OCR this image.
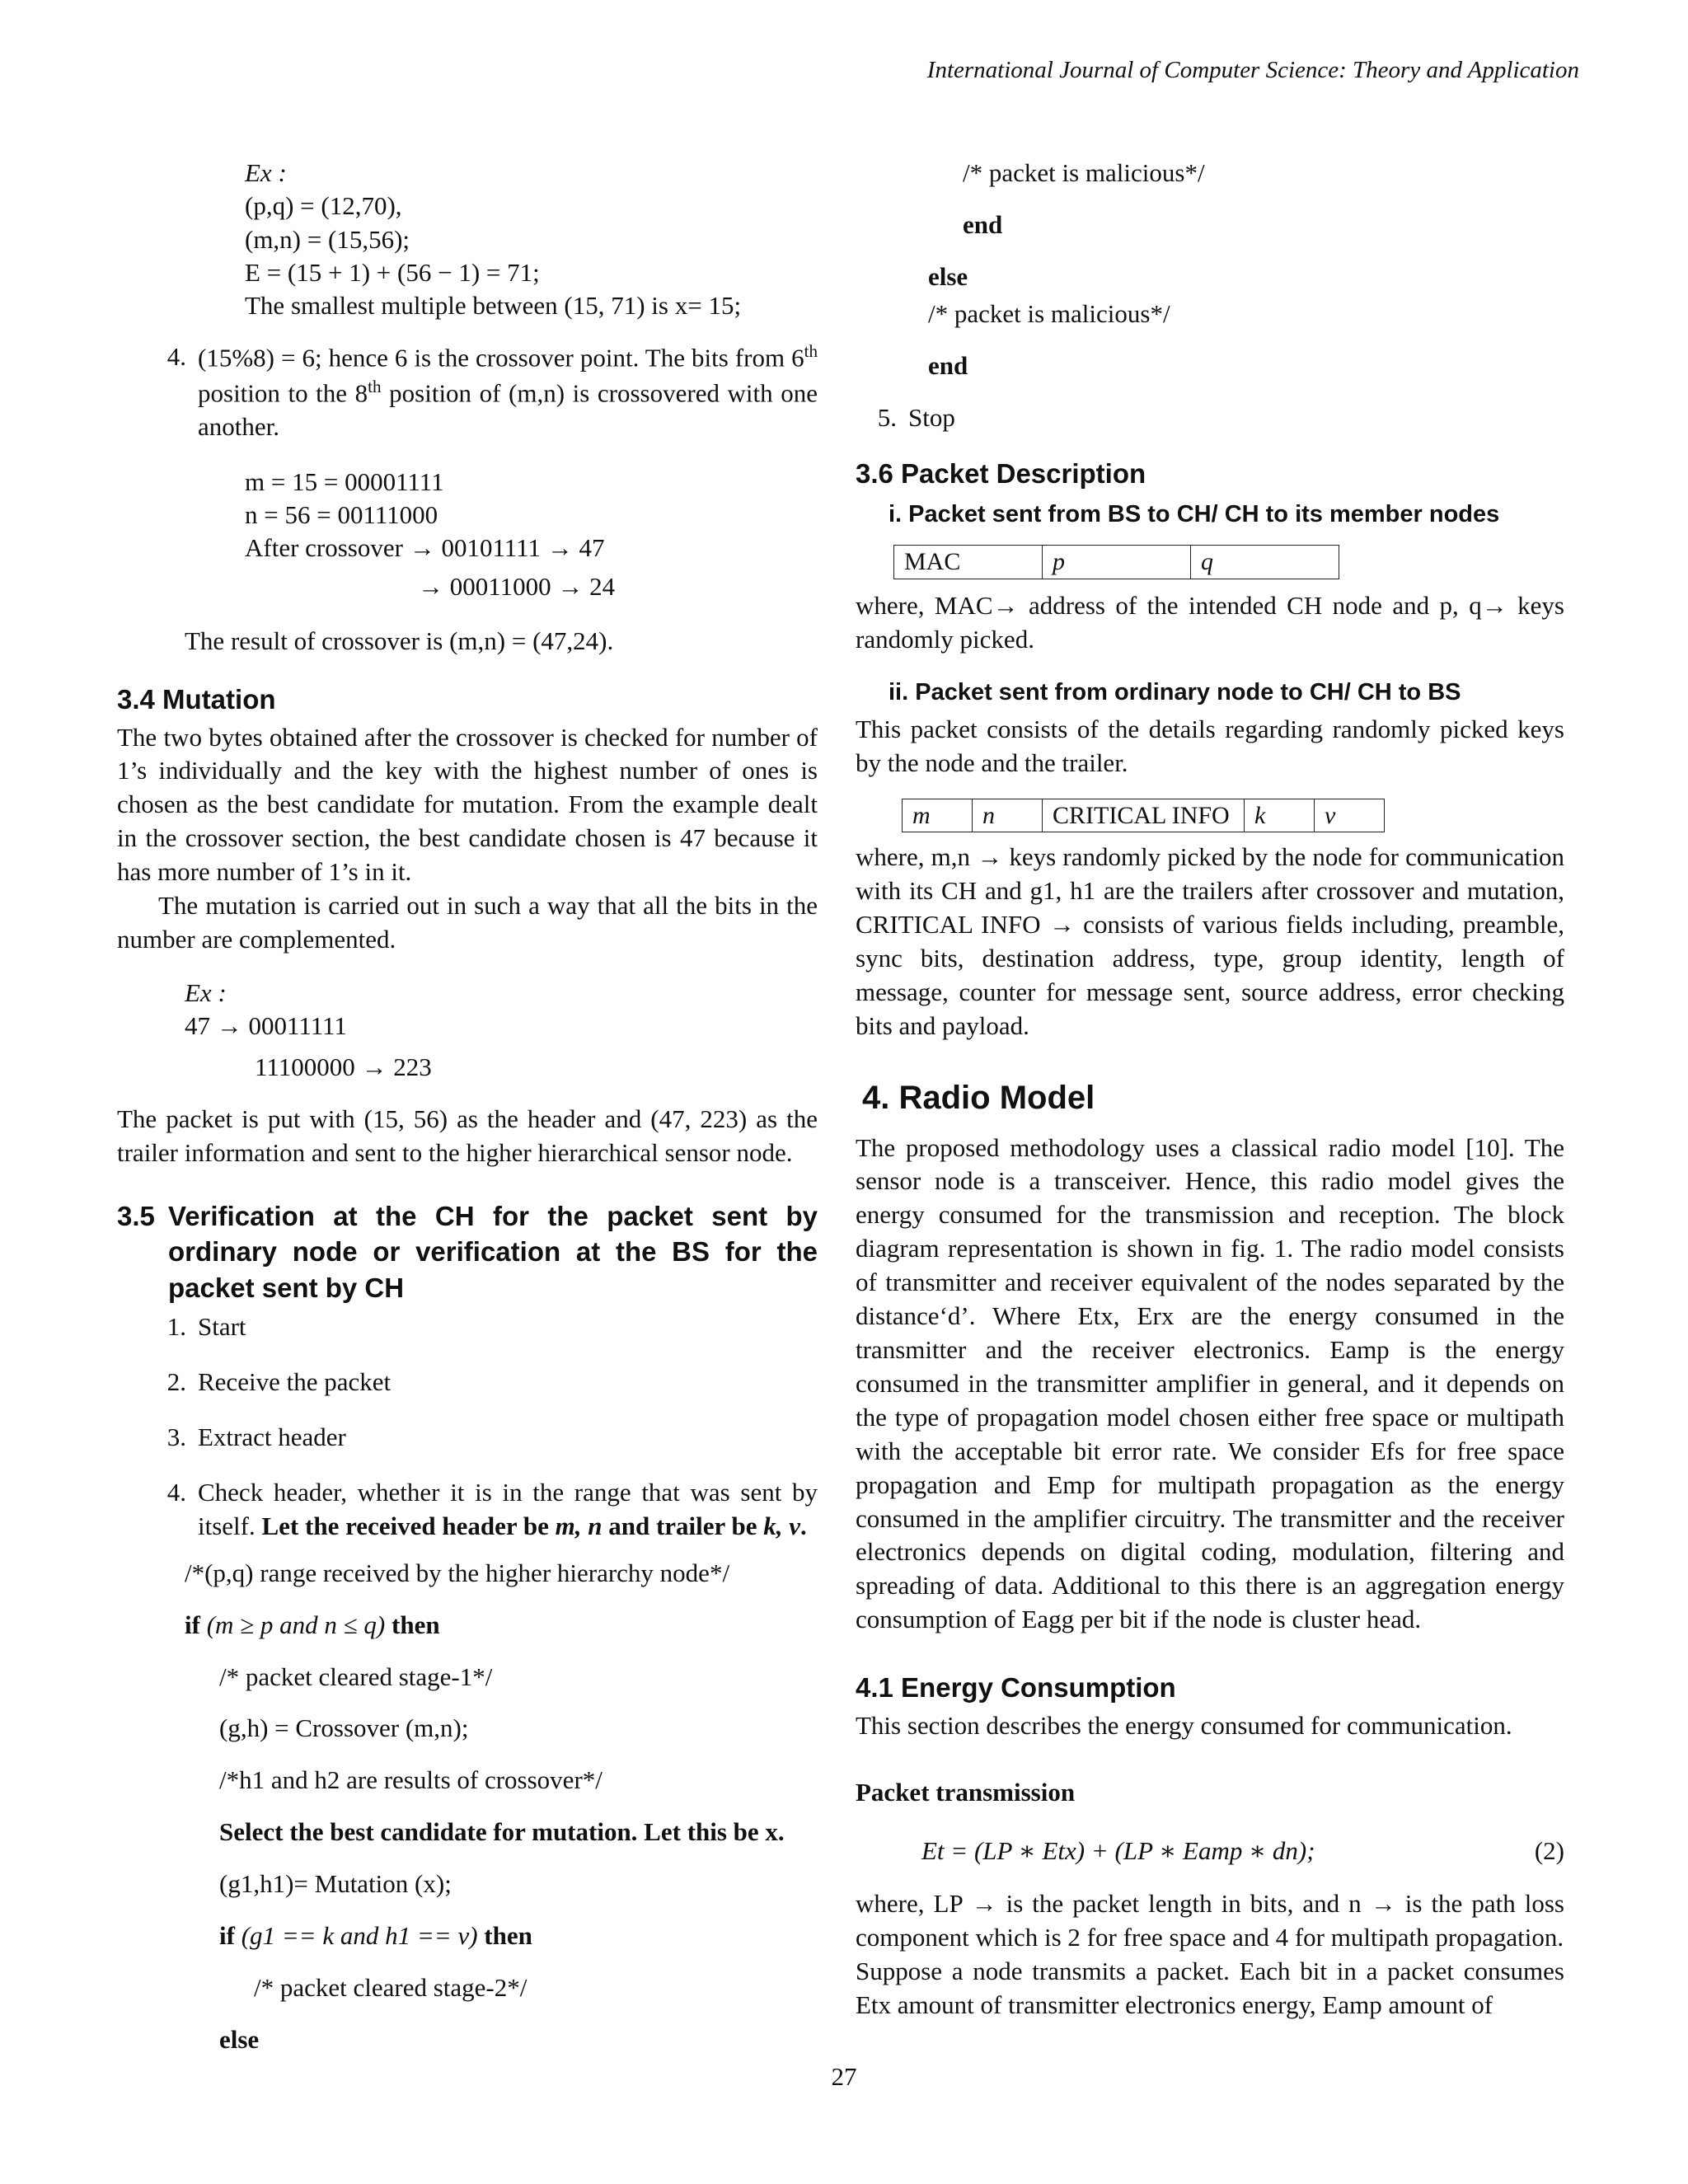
International Journal of Computer Science: Theory and Application
Ex :
(p,q) = (12,70),
(m,n) = (15,56);
E = (15 + 1) + (56 − 1) = 71;
The smallest multiple between (15, 71) is x= 15;
4. (15%8) = 6; hence 6 is the crossover point. The bits from 6th position to the 8th position of (m,n) is crossovered with one another.
m = 15 = 00001111
n = 56 = 00111000
After crossover → 00101111 → 47
→ 00011000 → 24

The result of crossover is (m,n) = (47,24).

3.4 Mutation

The two bytes obtained after the crossover is checked for number of 1’s individually and the key with the highest number of ones is chosen as the best candidate for mutation. From the example dealt in the crossover section, the best candidate chosen is 47 because it has more number of 1’s in it.

The mutation is carried out in such a way that all the bits in the number are complemented.

Ex :
47 → 00011111
11100000 → 223

The packet is put with (15, 56) as the header and (47, 223) as the trailer information and sent to the higher hierarchical sensor node.

3.5 Verification at the CH for the packet sent by ordinary node or verification at the BS for the packet sent by CH
1. Start
2. Receive the packet
3. Extract header
4. Check header, whether it is in the range that was sent by itself. Let the received header be m, n and trailer be k, v.
/*(p,q) range received by the higher hierarchy node*/
if (m ≥ p and n ≤ q) then
/* packet cleared stage-1*/
(g,h) = Crossover (m,n);
/*h1 and h2 are results of crossover*/
Select the best candidate for mutation. Let this be x.
(g1,h1)= Mutation (x);
if (g1 == k and h1 == v) then
/* packet cleared stage-2*/
else
/* packet is malicious*/
end
else
/* packet is malicious*/
end
5. Stop
3.6 Packet Description
i. Packet sent from BS to CH/ CH to its member nodes
MAC	p	q

where, MAC→ address of the intended CH node and p, q→ keys randomly picked.

ii. Packet sent from ordinary node to CH/ CH to BS

This packet consists of the details regarding randomly picked keys by the node and the trailer.

m	n	CRITICAL INFO	k	v

where, m,n → keys randomly picked by the node for communication with its CH and g1, h1 are the trailers after crossover and mutation, CRITICAL INFO → consists of various fields including, preamble, sync bits, destination address, type, group identity, length of message, counter for message sent, source address, error checking bits and payload.

4. Radio Model

The proposed methodology uses a classical radio model [10]. The sensor node is a transceiver. Hence, this radio model gives the energy consumed for the transmission and reception. The block diagram representation is shown in fig. 1. The radio model consists of transmitter and receiver equivalent of the nodes separated by the distance‘d’. Where Etx, Erx are the energy consumed in the transmitter and the receiver electronics. Eamp is the energy consumed in the transmitter amplifier in general, and it depends on the type of propagation model chosen either free space or multipath with the acceptable bit error rate. We consider Efs for free space propagation and Emp for multipath propagation as the energy consumed in the amplifier circuitry. The transmitter and the receiver electronics depends on digital coding, modulation, filtering and spreading of data. Additional to this there is an aggregation energy consumption of Eagg per bit if the node is cluster head.

4.1 Energy Consumption

This section describes the energy consumed for communication.

Packet transmission
Et = (LP ∗ Etx) + (LP ∗ Eamp ∗ dn);	(2)

where, LP → is the packet length in bits, and n → is the path loss component which is 2 for free space and 4 for multipath propagation.

Suppose a node transmits a packet. Each bit in a packet consumes Etx amount of transmitter electronics energy, Eamp amount of

27
